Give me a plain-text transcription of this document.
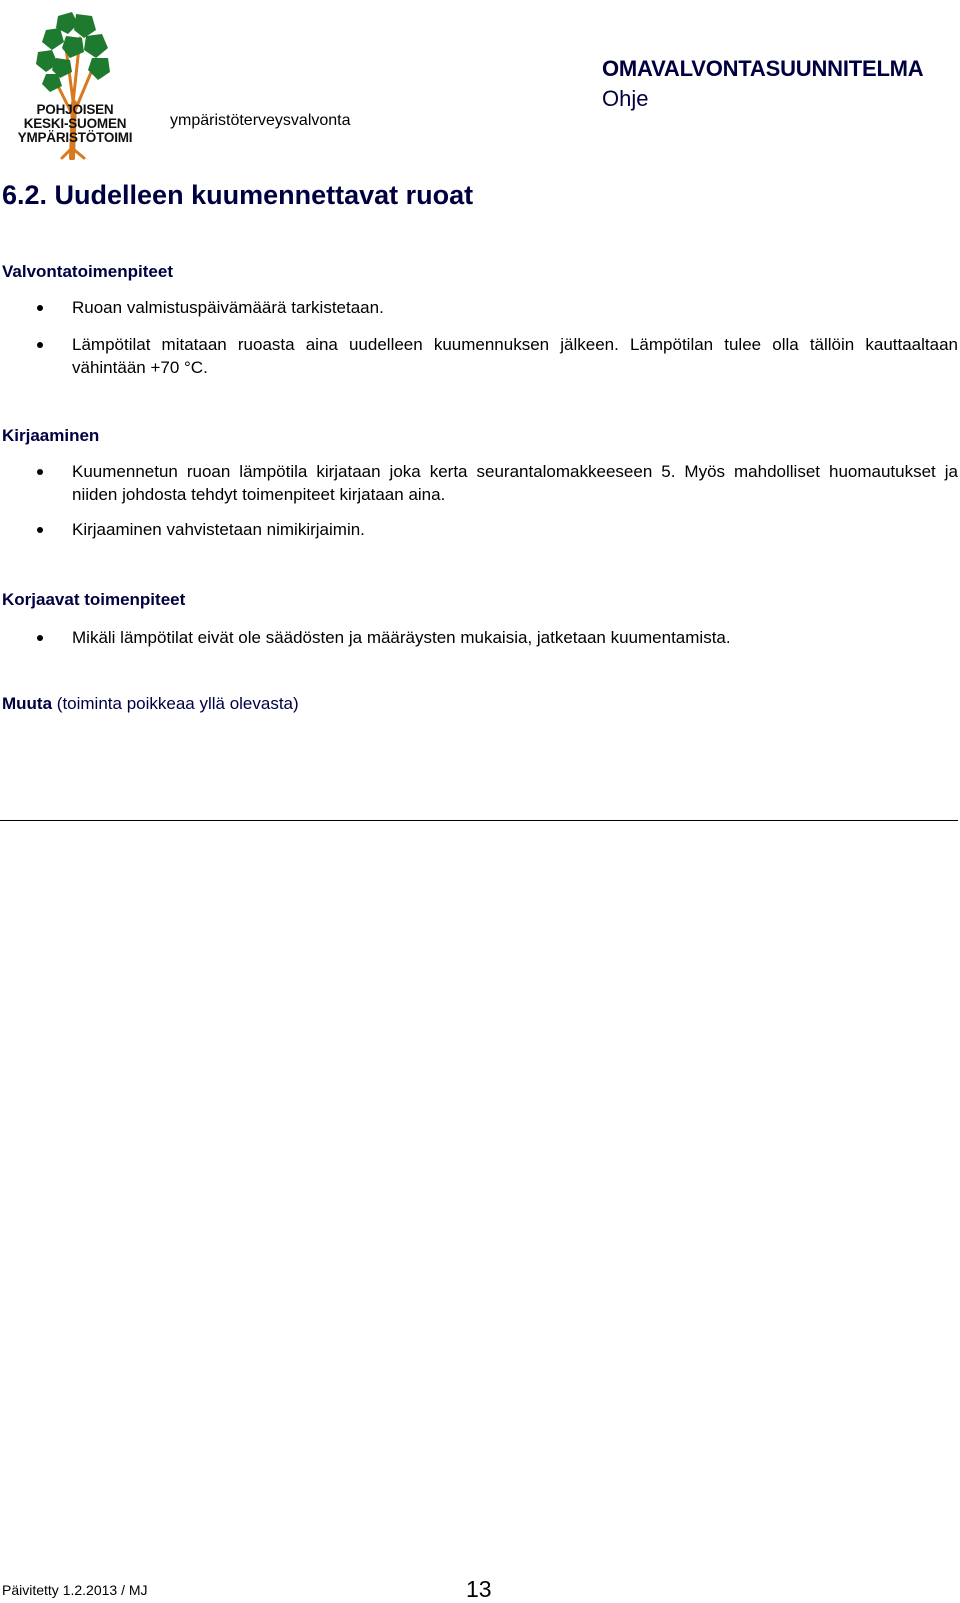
POHJOISEN
KESKI-SUOMEN
YMPÄRISTÖTOIMI
ympäristöterveysvalvonta
OMAVALVONTASUUNNITELMA
Ohje
6.2. Uudelleen kuumennettavat ruoat
Valvontatoimenpiteet
Ruoan valmistuspäivämäärä tarkistetaan.
Lämpötilat mitataan ruoasta aina uudelleen kuumennuksen jälkeen. Lämpötilan tulee olla tällöin kauttaaltaan vähintään +70 °C.
Kirjaaminen
Kuumennetun ruoan lämpötila kirjataan joka kerta seurantalomakkeeseen 5. Myös mahdolliset huomautukset ja niiden johdosta tehdyt toimenpiteet kirjataan aina.
Kirjaaminen vahvistetaan nimikirjaimin.
Korjaavat toimenpiteet
Mikäli lämpötilat eivät ole säädösten ja määräysten mukaisia, jatketaan kuumentamista.
Muuta (toiminta poikkeaa yllä olevasta)
Päivitetty 1.2.2013 / MJ	13
